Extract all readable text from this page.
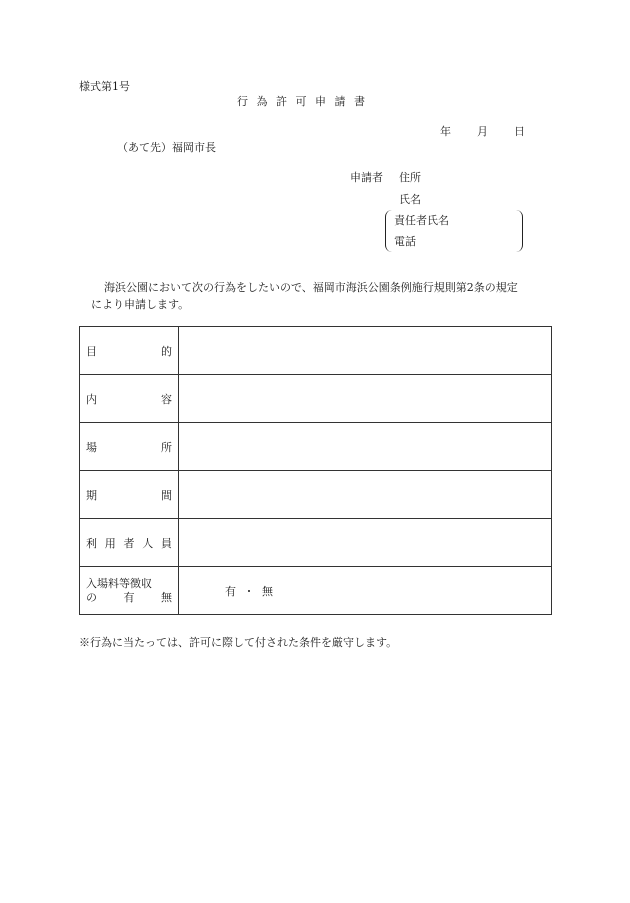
様式第1号
行為許可申請書
年 月 日
（あて先）福岡市長
申請者 住所
氏名
責任者氏名
電話
海浜公園において次の行為をしたいので、福岡市海浜公園条例施行規則第2条の規定
により申請します。
目 的	

内 容	

場 所	

期 間	

利 用 者 人 員	

入場料等徴収
の 有 無	有 ・ 無
※行為に当たっては、許可に際して付された条件を厳守します。
